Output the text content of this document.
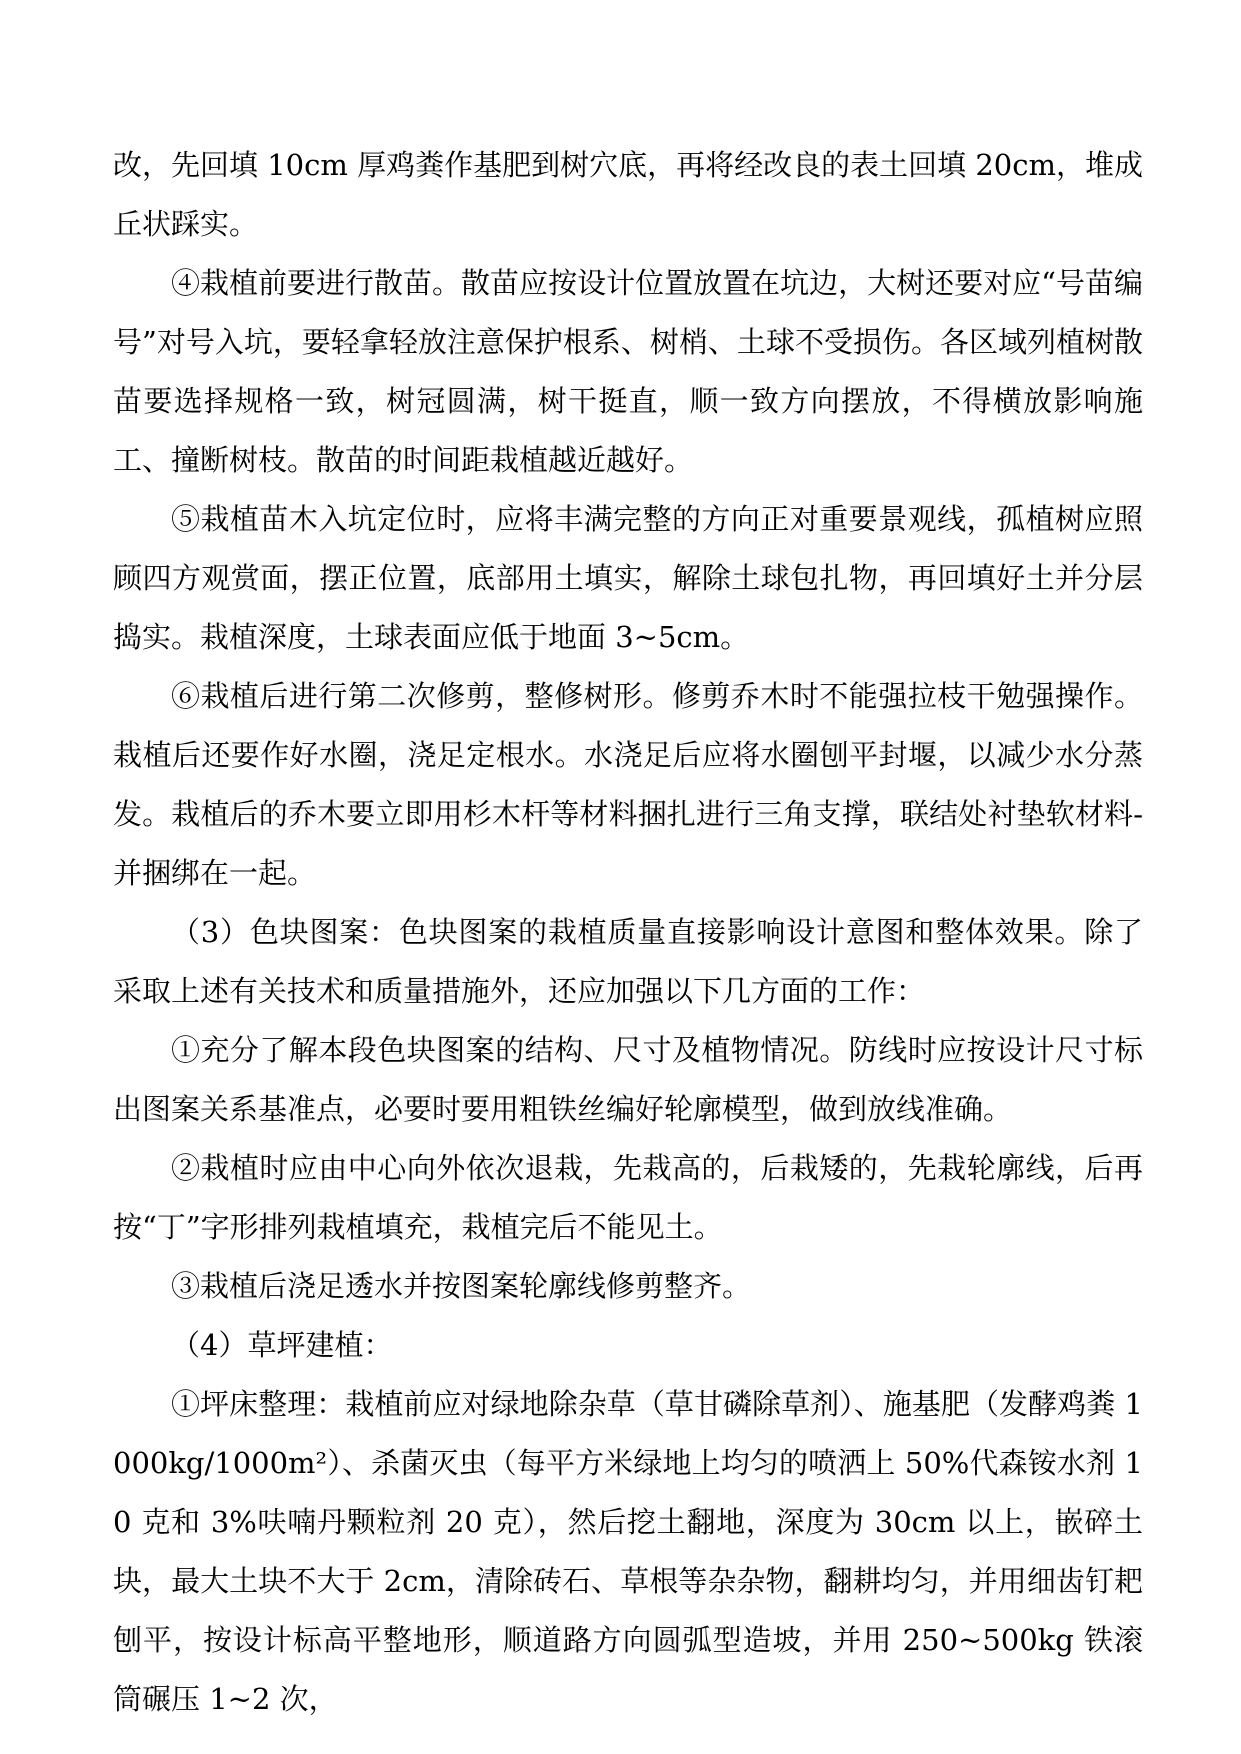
改，先回填 10cm 厚鸡粪作基肥到树穴底，再将经改良的表土回填 20cm，堆成丘状踩实。

④栽植前要进行散苗。散苗应按设计位置放置在坑边，大树还要对应“号苗编号”对号入坑，要轻拿轻放注意保护根系、树梢、土球不受损伤。各区域列植树散苗要选择规格一致，树冠圆满，树干挺直，顺一致方向摆放，不得横放影响施工、撞断树枝。散苗的时间距栽植越近越好。

⑤栽植苗木入坑定位时，应将丰满完整的方向正对重要景观线，孤植树应照顾四方观赏面，摆正位置，底部用土填实，解除土球包扎物，再回填好土并分层捣实。栽植深度，土球表面应低于地面 3~5cm。

⑥栽植后进行第二次修剪，整修树形。修剪乔木时不能强拉枝干勉强操作。栽植后还要作好水圈，浇足定根水。水浇足后应将水圈刨平封堰，以减少水分蒸发。栽植后的乔木要立即用杉木杆等材料捆扎进行三角支撑，联结处衬垫软材料-并捆绑在一起。

（3）色块图案：色块图案的栽植质量直接影响设计意图和整体效果。除了采取上述有关技术和质量措施外，还应加强以下几方面的工作：

①充分了解本段色块图案的结构、尺寸及植物情况。防线时应按设计尺寸标出图案关系基准点，必要时要用粗铁丝编好轮廓模型，做到放线准确。

②栽植时应由中心向外依次退栽，先栽高的，后栽矮的，先栽轮廓线，后再按“丁”字形排列栽植填充，栽植完后不能见土。

③栽植后浇足透水并按图案轮廓线修剪整齐。

（4）草坪建植：

①坪床整理：栽植前应对绿地除杂草（草甘磷除草剂）、施基肥（发酵鸡粪 1000kg/1000m²）、杀菌灭虫（每平方米绿地上均匀的喷洒上 50%代森铵水剂 10 克和 3%呋喃丹颗粒剂 20 克），然后挖土翻地，深度为 30cm 以上，嵌碎土块，最大土块不大于 2cm，清除砖石、草根等杂杂物，翻耕均匀，并用细齿钉耙刨平，按设计标高平整地形，顺道路方向圆弧型造坡，并用 250~500kg 铁滚筒碾压 1~2 次，
